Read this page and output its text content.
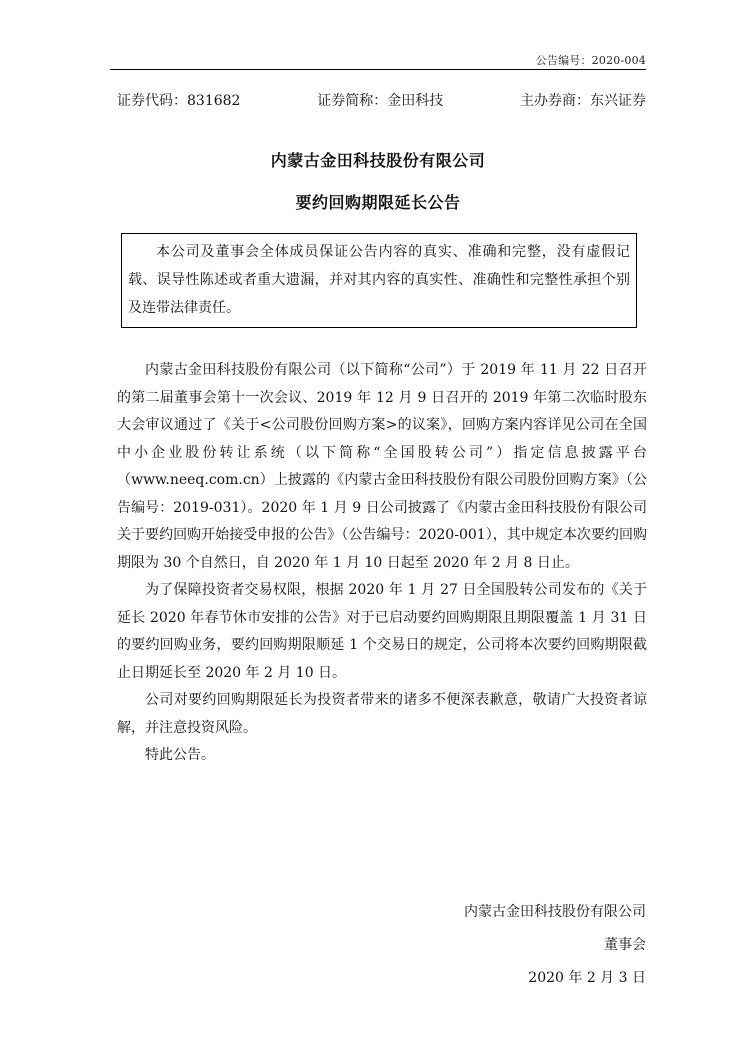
公告编号：2020-004
证券代码：831682	证券简称：金田科技	主办券商：东兴证券
内蒙古金田科技股份有限公司
要约回购期限延长公告

本公司及董事会全体成员保证公告内容的真实、准确和完整，没有虚假记载、误导性陈述或者重大遗漏，并对其内容的真实性、准确性和完整性承担个别及连带法律责任。

内蒙古金田科技股份有限公司（以下简称“公司”）于 2019 年 11 月 22 日召开的第二届董事会第十一次会议、2019 年 12 月 9 日召开的 2019 年第二次临时股东大会审议通过了《关于<公司股份回购方案>的议案》，回购方案内容详见公司在全国中小企业股份转让系统（以下简称“全国股转公司”）指定信息披露平台（www.neeq.com.cn）上披露的《内蒙古金田科技股份有限公司股份回购方案》（公告编号：2019-031）。2020 年 1 月 9 日公司披露了《内蒙古金田科技股份有限公司关于要约回购开始接受申报的公告》（公告编号：2020-001），其中规定本次要约回购期限为 30 个自然日，自 2020 年 1 月 10 日起至 2020 年 2 月 8 日止。

为了保障投资者交易权限，根据 2020 年 1 月 27 日全国股转公司发布的《关于延长 2020 年春节休市安排的公告》对于已启动要约回购期限且期限覆盖 1 月 31 日的要约回购业务，要约回购期限顺延 1 个交易日的规定，公司将本次要约回购期限截止日期延长至 2020 年 2 月 10 日。

公司对要约回购期限延长为投资者带来的诸多不便深表歉意，敬请广大投资者谅解，并注意投资风险。

特此公告。

内蒙古金田科技股份有限公司
董事会
2020 年 2 月 3 日
